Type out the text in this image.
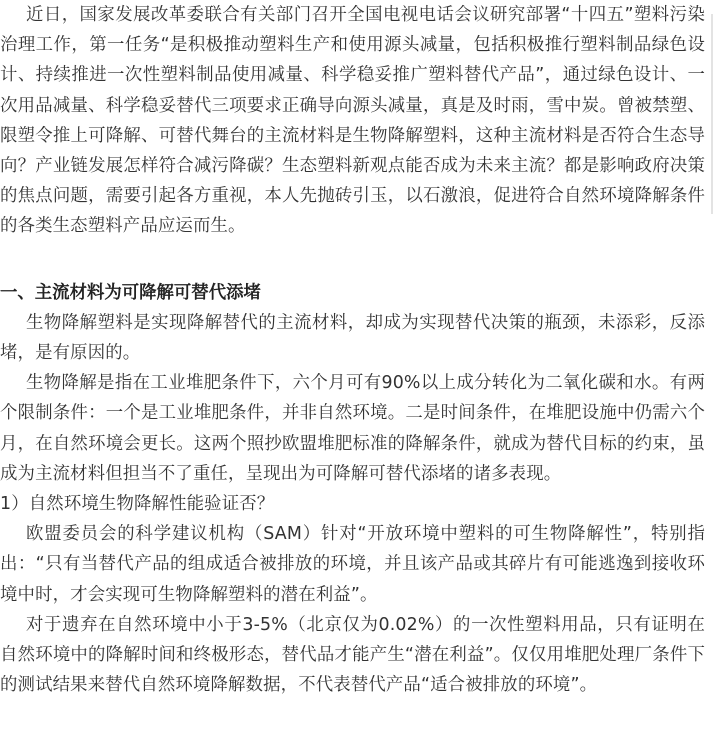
近日，国家发展改革委联合有关部门召开全国电视电话会议研究部署“十四五”塑料污染治理工作，第一任务“是积极推动塑料生产和使用源头减量，包括积极推行塑料制品绿色设计、持续推进一次性塑料制品使用减量、科学稳妥推广塑料替代产品”，通过绿色设计、一次用品减量、科学稳妥替代三项要求正确导向源头减量，真是及时雨，雪中炭。曾被禁塑、限塑令推上可降解、可替代舞台的主流材料是生物降解塑料，这种主流材料是否符合生态导向？产业链发展怎样符合减污降碳？生态塑料新观点能否成为未来主流？都是影响政府决策的焦点问题，需要引起各方重视，本人先抛砖引玉，以石激浪，促进符合自然环境降解条件的各类生态塑料产品应运而生。

一、主流材料为可降解可替代添堵

生物降解塑料是实现降解替代的主流材料，却成为实现替代决策的瓶颈，未添彩，反添堵，是有原因的。

生物降解是指在工业堆肥条件下，六个月可有90%以上成分转化为二氧化碳和水。有两个限制条件：一个是工业堆肥条件，并非自然环境。二是时间条件，在堆肥设施中仍需六个月，在自然环境会更长。这两个照抄欧盟堆肥标准的降解条件，就成为替代目标的约束，虽成为主流材料但担当不了重任，呈现出为可降解可替代添堵的诸多表现。

1）自然环境生物降解性能验证否？

欧盟委员会的科学建议机构（SAM）针对“开放环境中塑料的可生物降解性”，特别指出：“只有当替代产品的组成适合被排放的环境，并且该产品或其碎片有可能逃逸到接收环境中时，才会实现可生物降解塑料的潜在利益”。

对于遗弃在自然环境中小于3-5%（北京仅为0.02%）的一次性塑料用品，只有证明在自然环境中的降解时间和终极形态，替代品才能产生“潜在利益”。仅仅用堆肥处理厂条件下的测试结果来替代自然环境降解数据，不代表替代产品“适合被排放的环境”。
